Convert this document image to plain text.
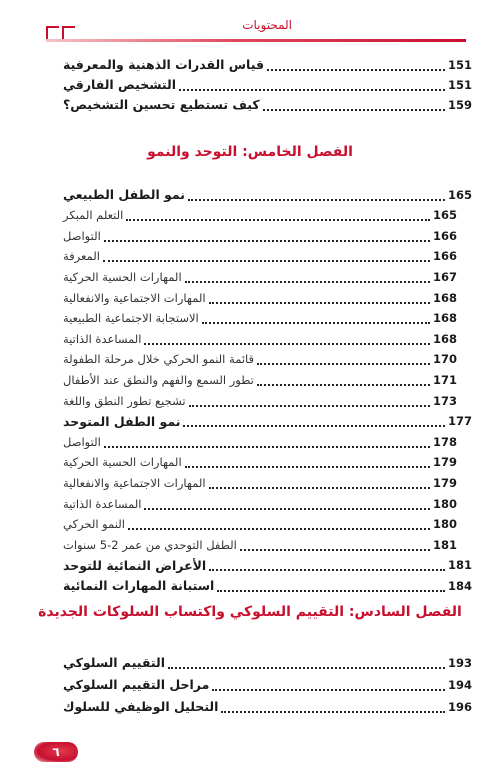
المحتويات
قياس القدرات الذهنية والمعرفية	151
التشخيص الفارقي	151
كيف تستطيع تحسين التشخيص؟	159
الفصل الخامس: التوحد والنمو
نمو الطفل الطبيعي	165
التعلم المبكر	165
التواصل	166
المعرفة	166
المهارات الحسية الحركية	167
المهارات الاجتماعية والانفعالية	168
الاستجابة الاجتماعية الطبيعية	168
المساعدة الذاتية	168
قائمة النمو الحركي خلال مرحلة الطفولة	170
تطور السمع والفهم والنطق عند الأطفال	171
تشجيع تطور النطق واللغة	173
نمو الطفل المتوحد	177
التواصل	178
المهارات الحسية الحركية	179
المهارات الاجتماعية والانفعالية	179
المساعدة الذاتية	180
النمو الحركي	180
الطفل التوحدي من عمر 2-5 سنوات	181
الأعراض النمائية للتوحد	181
استبانة المهارات النمائية	184
الفصل السادس: التقييم السلوكي واكتساب السلوكات الجديدة
التقييم السلوكي	193
مراحل التقييم السلوكي	194
التحليل الوظيفي للسلوك	196
٦
